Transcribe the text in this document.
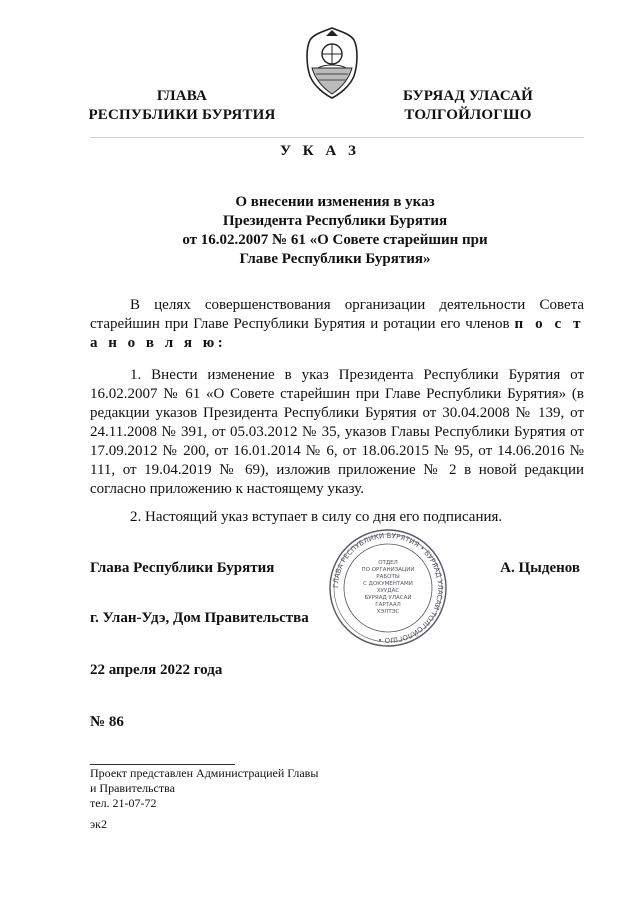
ГЛАВА
РЕСПУБЛИКИ БУРЯТИЯ
БУРЯАД УЛАСАЙ
ТОЛГОЙЛОГШО
У К А З
О внесении изменения в указ
Президента Республики Бурятия
от 16.02.2007 № 61 «О Совете старейшин при
Главе Республики Бурятия»
В целях совершенствования организации деятельности Совета старейшин при Главе Республики Бурятия и ротации его членов п о с т а н о в л я ю:
1. Внести изменение в указ Президента Республики Бурятия от 16.02.2007 № 61 «О Совете старейшин при Главе Республики Бурятия» (в редакции указов Президента Республики Бурятия от 30.04.2008 № 139, от 24.11.2008 № 391, от 05.03.2012 № 35, указов Главы Республики Бурятия от 17.09.2012 № 200, от 16.01.2014 № 6, от 18.06.2015 № 95, от 14.06.2016 № 111, от 19.04.2019 № 69), изложив приложение № 2 в новой редакции согласно приложению к настоящему указу.
2. Настоящий указ вступает в силу со дня его подписания.
Глава Республики Бурятия	А. Цыденов
ГЛАВА РЕСПУБЛИКИ БУРЯТИЯ • БУРЯАД УЛАСАЙ ТОЛГОЙЛОГШО •
ОТДЕЛ
ПО ОРГАНИЗАЦИИ
РАБОТЫ
С ДОКУМЕНТАМИ
ХУУДАС
БУРЯАД УЛАСАЙ
ГАРТААЛ
ХЭЛТЭС
г. Улан-Удэ, Дом Правительства
22 апреля 2022 года
№ 86
Проект представлен Администрацией Главы
и Правительства
тел. 21-07-72
эк2
